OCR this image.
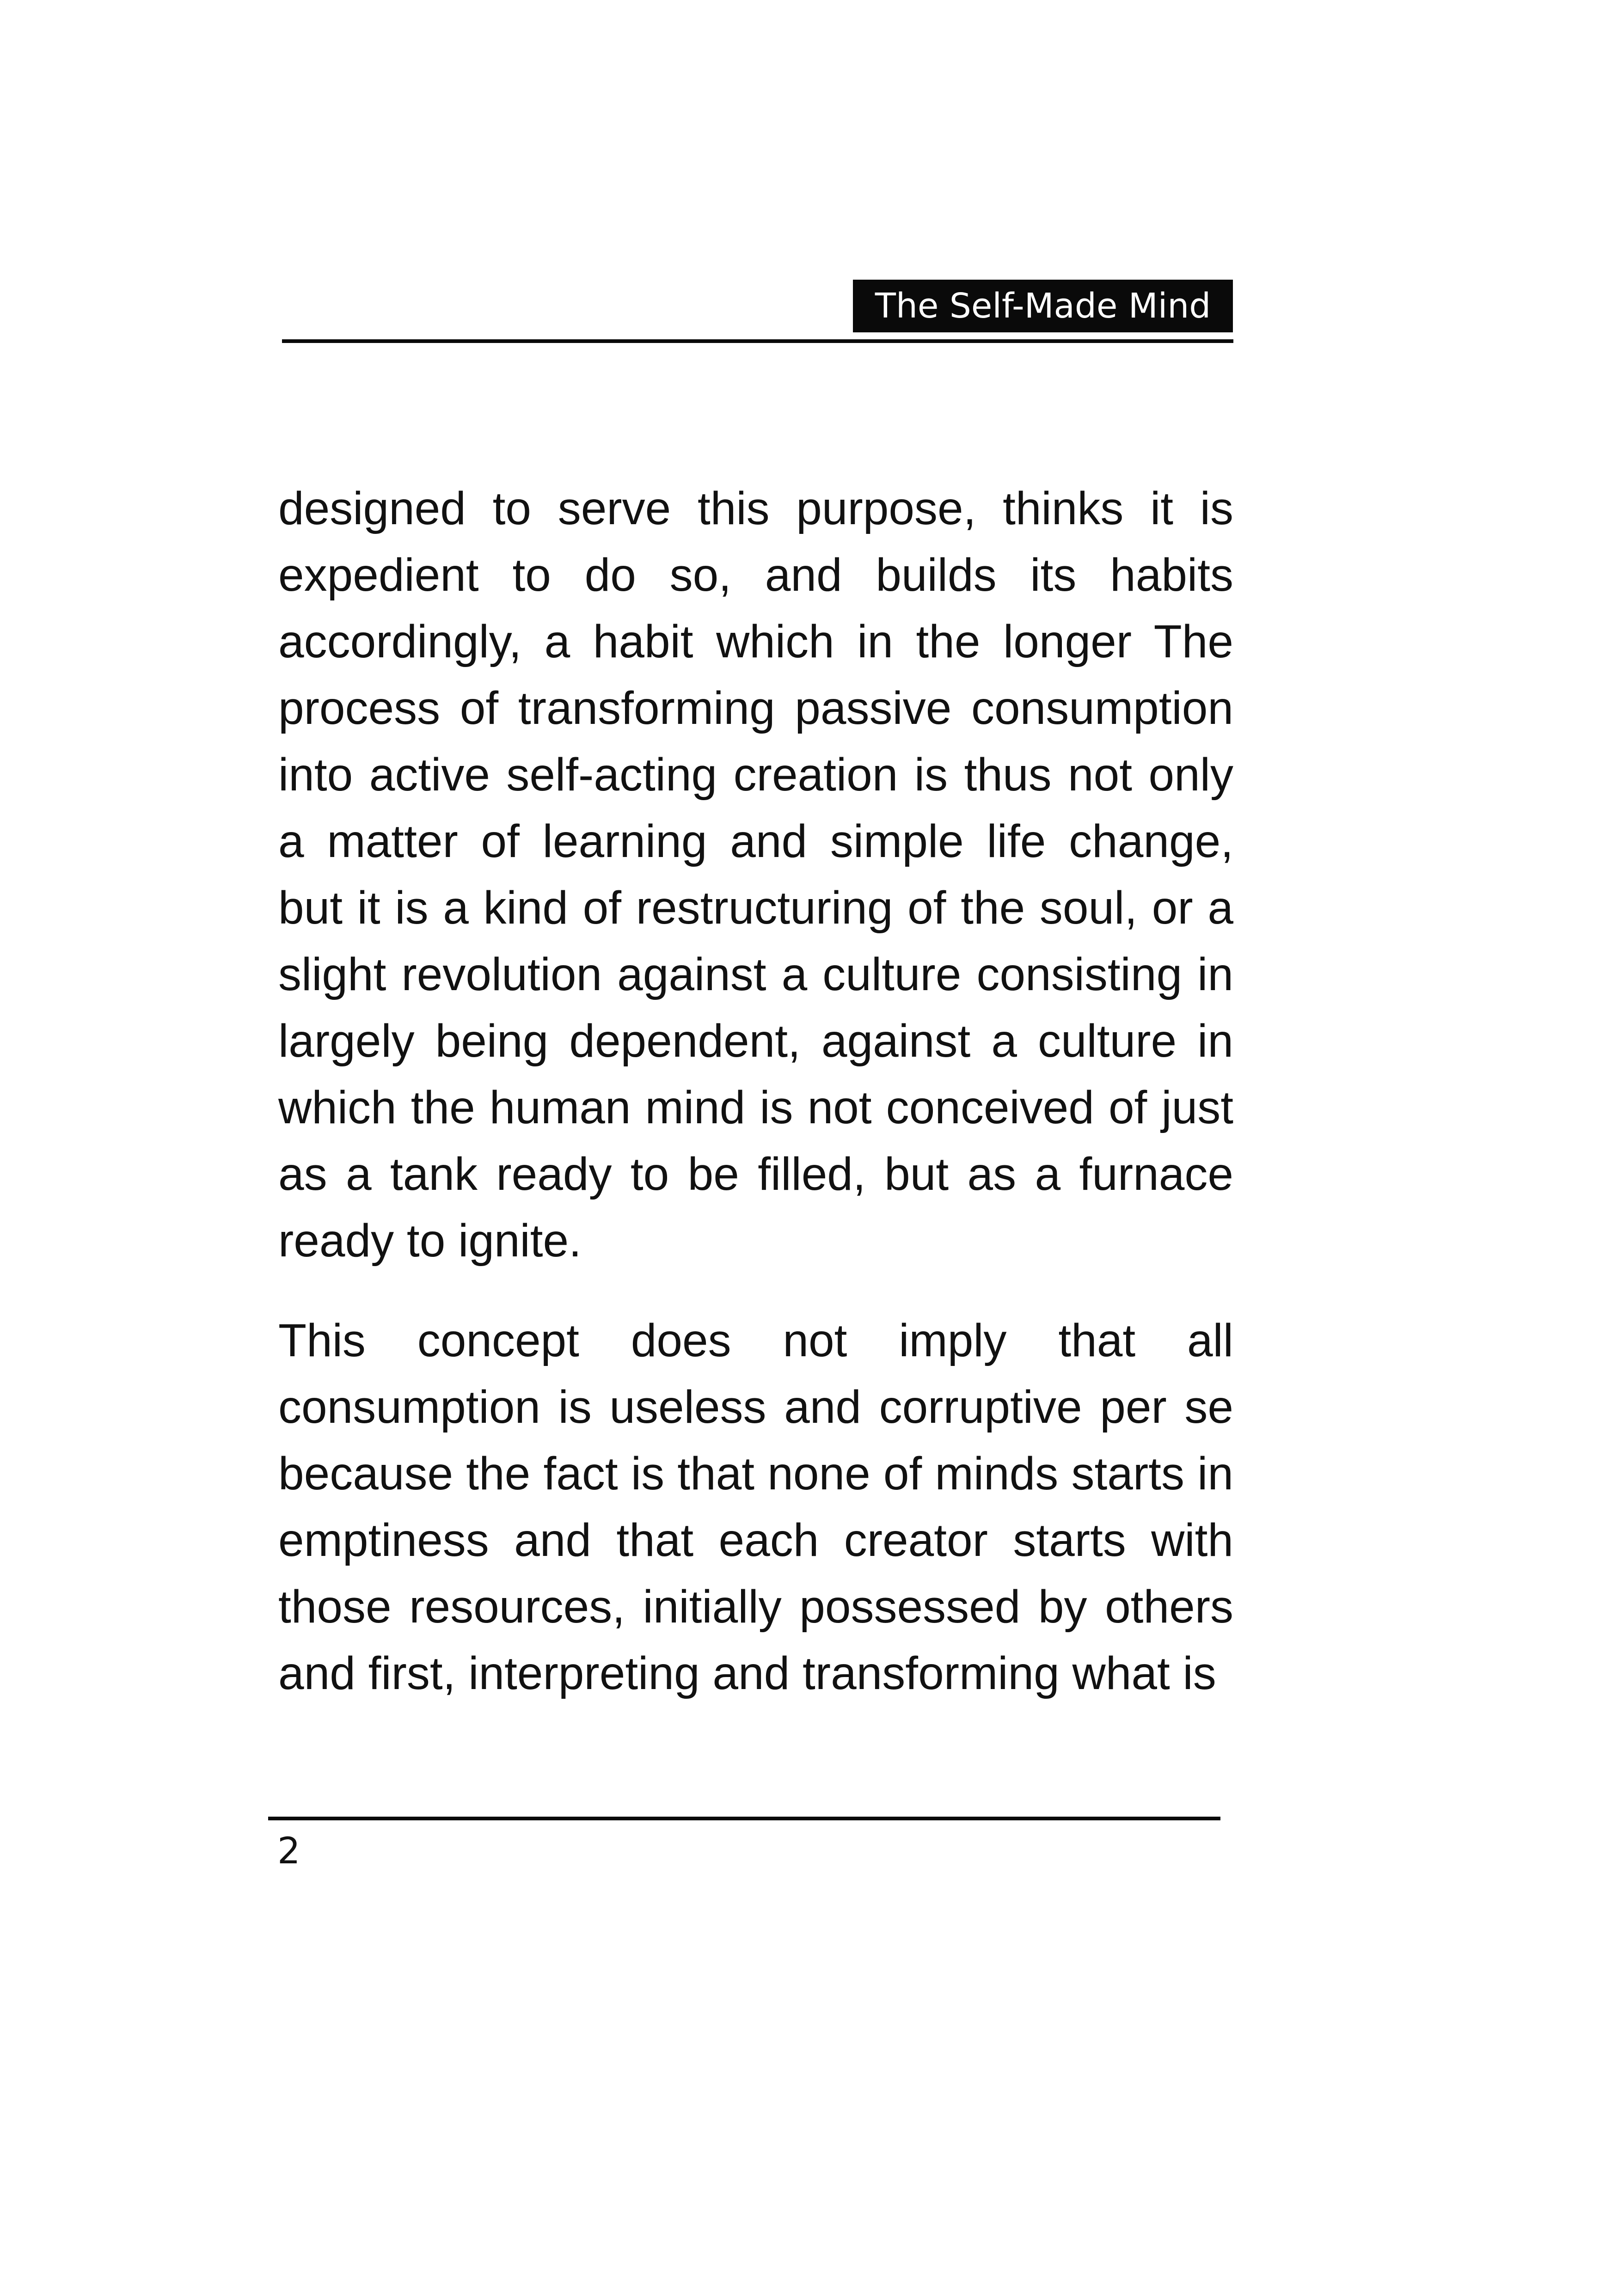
The Self-Made Mind

designed to serve this purpose, thinks it is expedient to do so, and builds its habits accordingly, a habit which in the longer The process of transforming passive consumption into active self-acting creation is thus not only a matter of learning and simple life change, but it is a kind of restructuring of the soul, or a slight revolution against a culture consisting in largely being dependent, against a culture in which the human mind is not conceived of just as a tank ready to be filled, but as a furnace ready to ignite.

This concept does not imply that all consumption is useless and corruptive per se because the fact is that none of minds starts in emptiness and that each creator starts with those resources, initially possessed by others and first, interpreting and transforming what is

2
